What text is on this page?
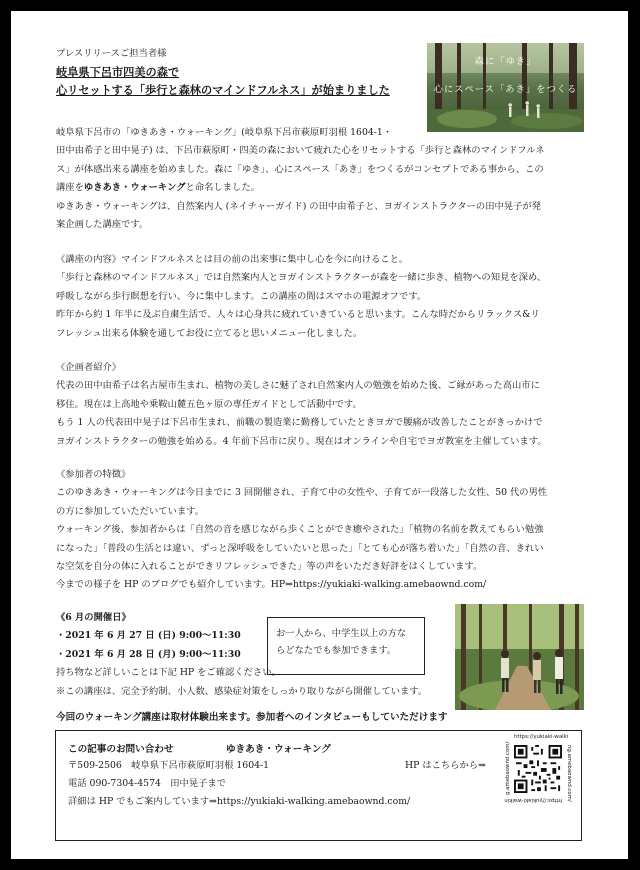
プレスリリースご担当者様
岐阜県下呂市四美の森で
心リセットする「歩行と森林のマインドフルネス」が始まりました
森に「ゆき」
心にスペース「あき」をつくる

岐阜県下呂市の「ゆきあき・ウォーキング」(岐阜県下呂市萩原町羽根 1604-1・

田中由希子と田中晃子) は、下呂市萩原町・四美の森において疲れた心をリセットする「歩行と森林のマインドフルネ

ス」が体感出来る講座を始めました。森に「ゆき」、心にスペース「あき」をつくるがコンセプトである事から、この

講座をゆきあき・ウォーキングと命名しました。

ゆきあき・ウォーキングは、自然案内人 (ネイチャーガイド) の田中由希子と、ヨガインストラクターの田中晃子が発

案企画した講座です。

《講座の内容》マインドフルネスとは目の前の出来事に集中し心を今に向けること。

「歩行と森林のマインドフルネス」では自然案内人とヨガインストラクターが森を一緒に歩き、植物への知見を深め、

呼吸しながら歩行瞑想を行い、今に集中します。この講座の間はスマホの電源オフです。

昨年から約 1 年半に及ぶ自粛生活で、人々は心身共に疲れていきていると思います。こんな時だからリラックス&リ

フレッシュ出来る体験を通してお役に立てると思いメニュー化しました。

《企画者紹介》

代表の田中由希子は名古屋市生まれ、植物の美しさに魅了され自然案内人の勉強を始めた後、ご縁があった高山市に

移住。現在は上高地や乗鞍山麓五色ヶ原の専任ガイドとして活動中です。

もう 1 人の代表田中晃子は下呂市生まれ、前職の製造業に勤務していたときヨガで腰痛が改善したことがきっかけで

ヨガインストラクターの勉強を始める。4 年前下呂市に戻り、現在はオンラインや自宅でヨガ教室を主催しています。

《参加者の特徴》

このゆきあき・ウォーキングは今日までに 3 回開催され、子育て中の女性や、子育てが一段落した女性、50 代の男性

の方に参加していただいています。

ウォーキング後、参加者からは「自然の音を感じながら歩くことができ癒やされた」「植物の名前を教えてもらい勉強

になった」「普段の生活とは違い、ずっと深呼吸をしていたいと思った」「とても心が落ち着いた」「自然の音、きれい

な空気を自分の体に入れることができリフレッシュできた」等の声をいただき好評をはくしています。

今までの様子を HP のブログでも紹介しています。HP⇒https://yukiaki-walking.amebaownd.com/

《6 月の開催日》

・2021 年 6 月 27 日 (日) 9:00〜11:30

・2021 年 6 月 28 日 (月) 9:00〜11:30

持ち物など詳しいことは下記 HP をご確認ください。

※この講座は、完全予約制、小人数、感染症対策をしっかり取りながら開催しています。

お一人から、中学生以上の方な
らどなたでも参加できます。
今回のウォーキング講座は取材体験出来ます。参加者へのインタビューもしていただけます
この記事のお問い合わせ	ゆきあき・ウォーキング
〒509-2506　岐阜県下呂市萩原町羽根 1604-1
電話 090-7304-4574　田中晃子まで
詳細は HP でもご案内しています⇒https://yukiaki-walking.amebaownd.com/
HP はこちらから⇒
https://yukiaki-walki
ng.amebaownd.com/
https://yukiaki-walkin
g.amebaownd.com/
